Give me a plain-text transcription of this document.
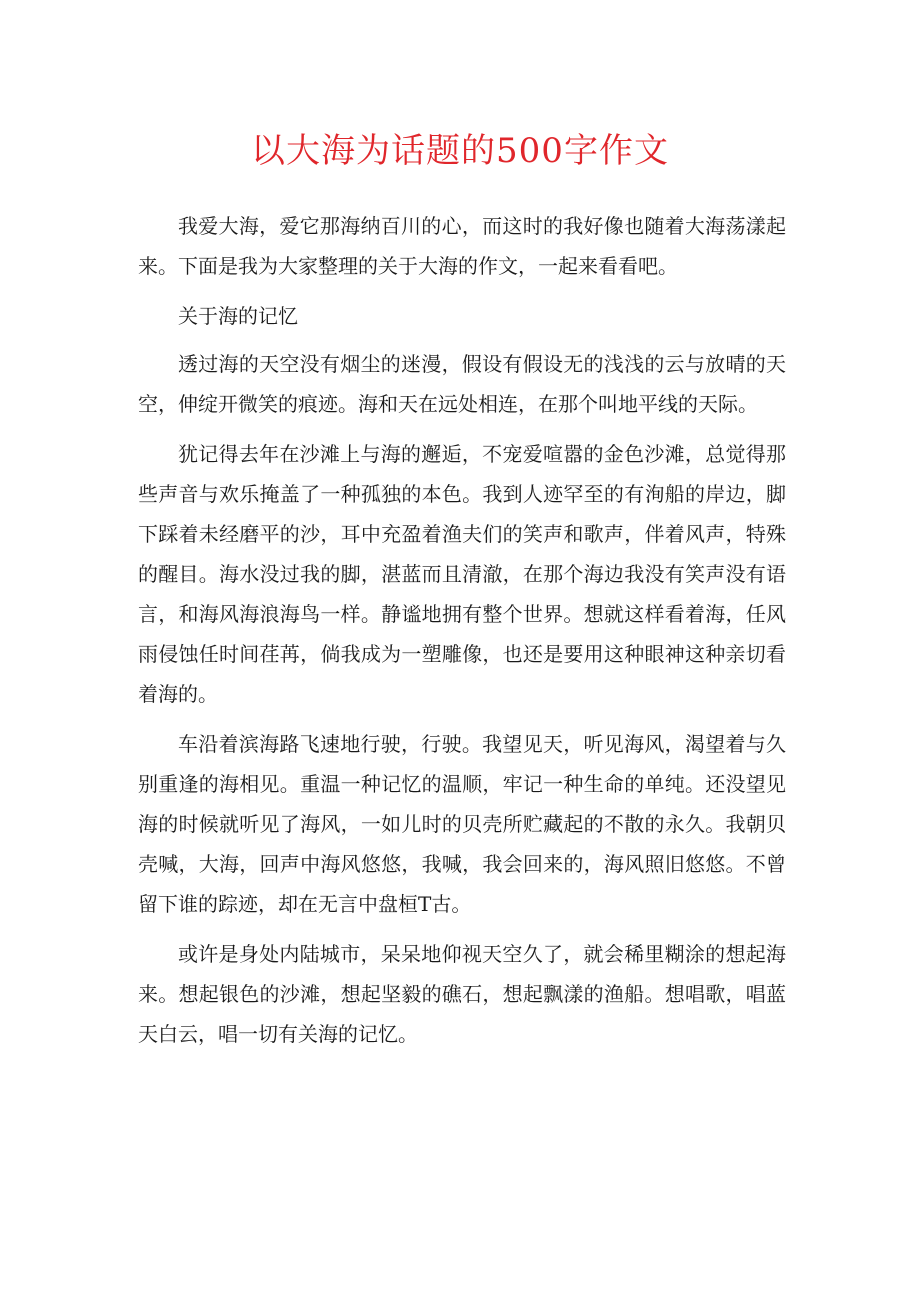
以大海为话题的500字作文

我爱大海，爱它那海纳百川的心，而这时的我好像也随着大海荡漾起来。下面是我为大家整理的关于大海的作文，一起来看看吧。

关于海的记忆

透过海的天空没有烟尘的迷漫，假设有假设无的浅浅的云与放晴的天空，伸绽开微笑的痕迹。海和天在远处相连，在那个叫地平线的天际。

犹记得去年在沙滩上与海的邂逅，不宠爱喧嚣的金色沙滩，总觉得那些声音与欢乐掩盖了一种孤独的本色。我到人迹罕至的有洵船的岸边，脚下踩着未经磨平的沙，耳中充盈着渔夫们的笑声和歌声，伴着风声，特殊的醒目。海水没过我的脚，湛蓝而且清澈，在那个海边我没有笑声没有语言，和海风海浪海鸟一样。静谧地拥有整个世界。想就这样看着海，任风雨侵蚀任时间荏苒，倘我成为一塑雕像，也还是要用这种眼神这种亲切看着海的。

车沿着滨海路飞速地行驶，行驶。我望见天，听见海风，渴望着与久别重逢的海相见。重温一种记忆的温顺，牢记一种生命的单纯。还没望见海的时候就听见了海风，一如儿时的贝壳所贮藏起的不散的永久。我朝贝壳喊，大海，回声中海风悠悠，我喊，我会回来的，海风照旧悠悠。不曾留下谁的踪迹，却在无言中盘桓T古。

或许是身处内陆城市，呆呆地仰视天空久了，就会稀里糊涂的想起海来。想起银色的沙滩，想起坚毅的礁石，想起飘漾的渔船。想唱歌，唱蓝天白云，唱一切有关海的记忆。
